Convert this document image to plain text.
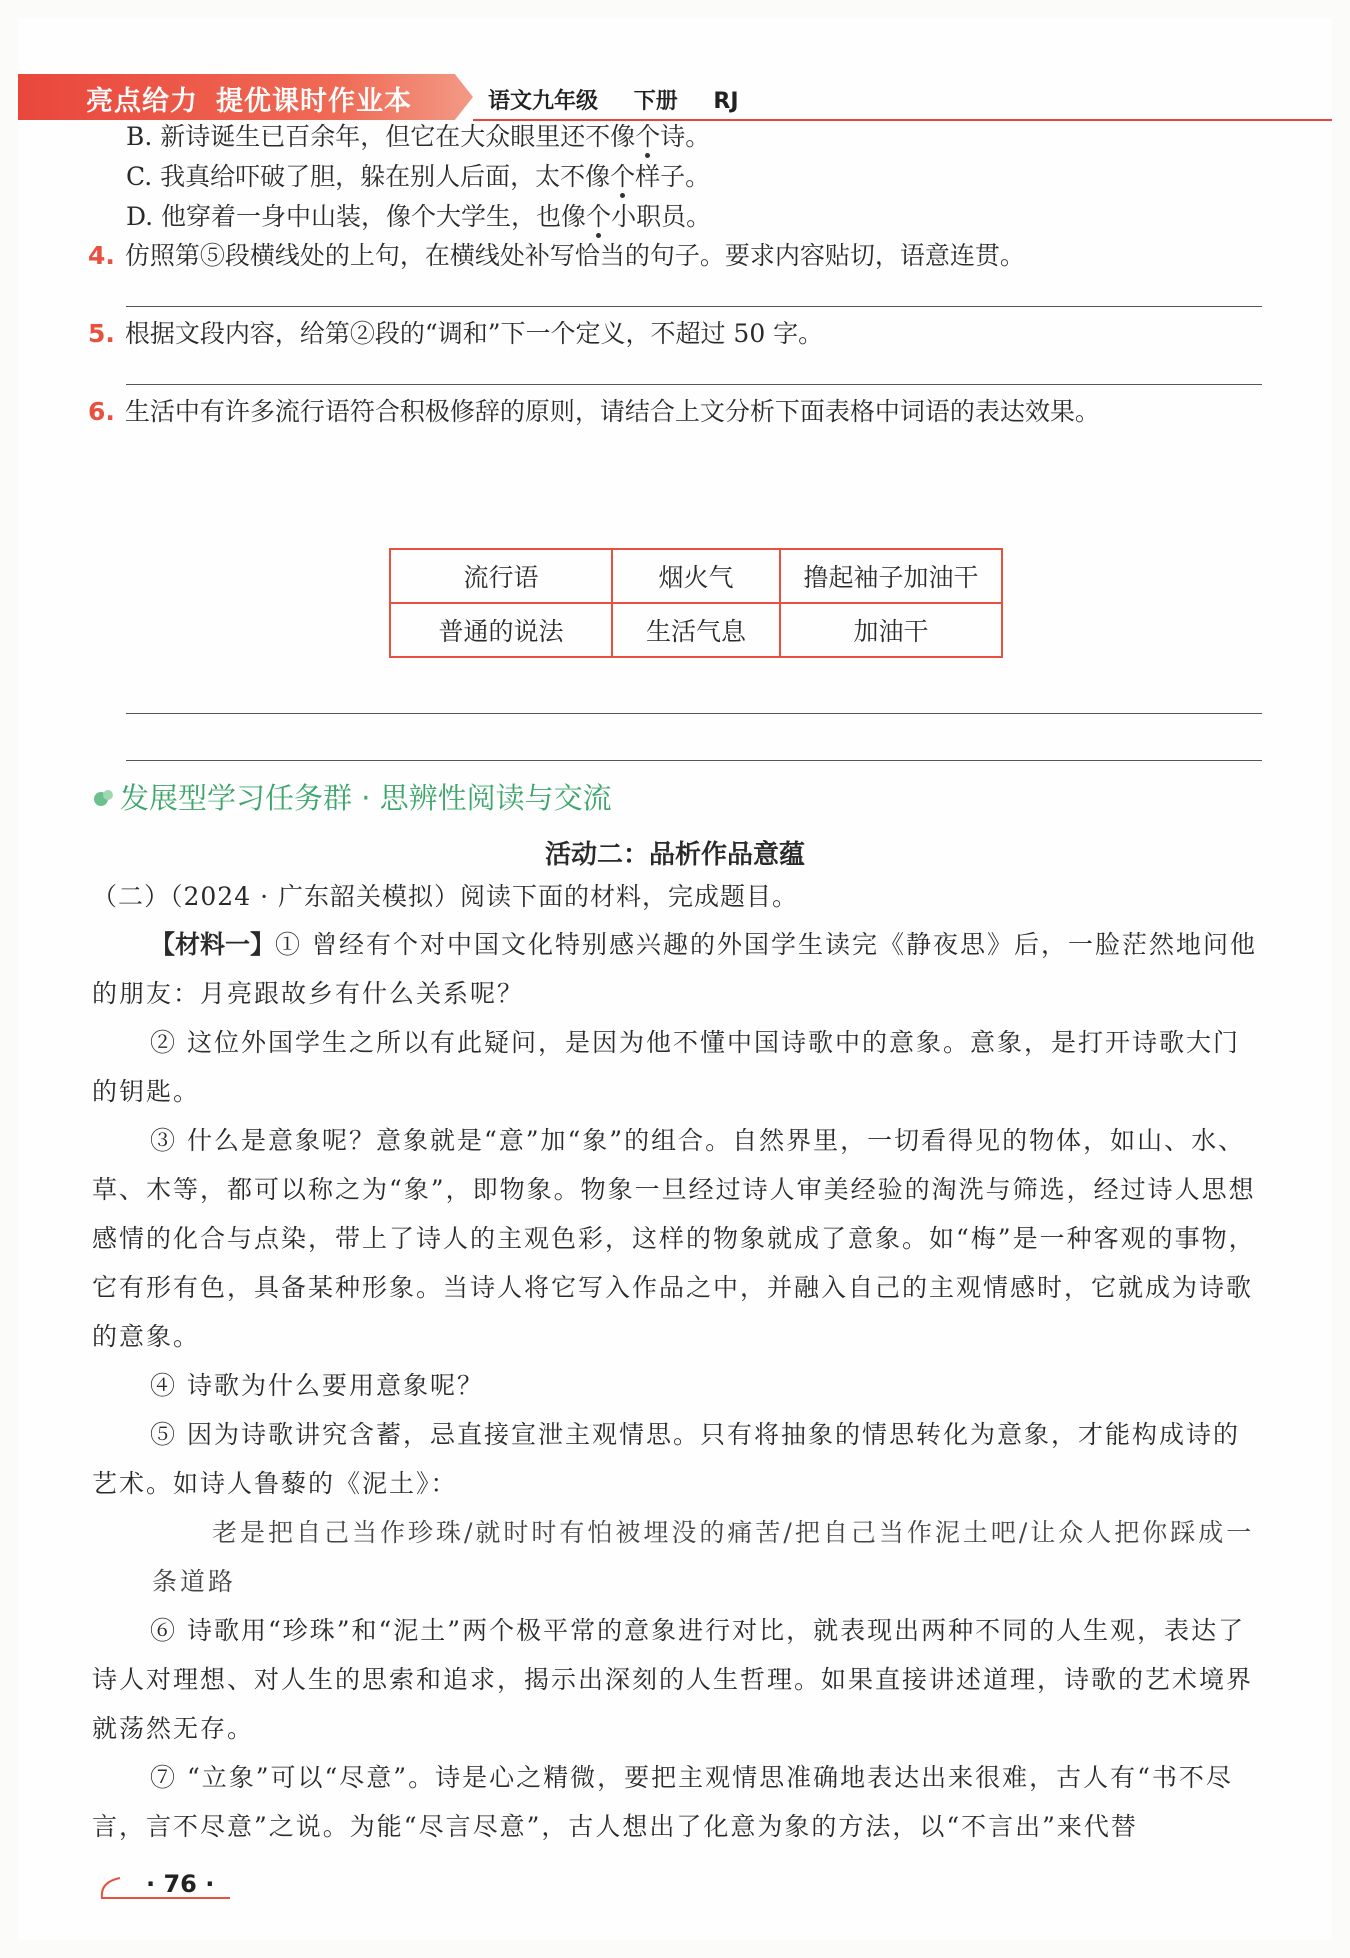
亮点给力 提优课时作业本	语文九年级 下册 RJ
B. 新诗诞生已百余年，但它在大众眼里还不像个诗。
C. 我真给吓破了胆，躲在别人后面，太不像个样子。
D. 他穿着一身中山装，像个大学生，也像个小职员。
4. 仿照第⑤段横线处的上句，在横线处补写恰当的句子。要求内容贴切，语意连贯。
5. 根据文段内容，给第②段的“调和”下一个定义，不超过 50 字。
6. 生活中有许多流行语符合积极修辞的原则，请结合上文分析下面表格中词语的表达效果。
流行语	烟火气	撸起袖子加油干
普通的说法	生活气息	加油干
发展型学习任务群 · 思辨性阅读与交流
活动二：品析作品意蕴
（二）（2024 · 广东韶关模拟）阅读下面的材料，完成题目。
【材料一】① 曾经有个对中国文化特别感兴趣的外国学生读完《静夜思》后，一脸茫然地问他的朋友：月亮跟故乡有什么关系呢？
② 这位外国学生之所以有此疑问，是因为他不懂中国诗歌中的意象。意象，是打开诗歌大门的钥匙。
③ 什么是意象呢？意象就是“意”加“象”的组合。自然界里，一切看得见的物体，如山、水、草、木等，都可以称之为“象”，即物象。物象一旦经过诗人审美经验的淘洗与筛选，经过诗人思想感情的化合与点染，带上了诗人的主观色彩，这样的物象就成了意象。如“梅”是一种客观的事物，它有形有色，具备某种形象。当诗人将它写入作品之中，并融入自己的主观情感时，它就成为诗歌的意象。
④ 诗歌为什么要用意象呢？
⑤ 因为诗歌讲究含蓄，忌直接宣泄主观情思。只有将抽象的情思转化为意象，才能构成诗的艺术。如诗人鲁藜的《泥土》：
老是把自己当作珍珠/就时时有怕被埋没的痛苦/把自己当作泥土吧/让众人把你踩成一条道路
⑥ 诗歌用“珍珠”和“泥土”两个极平常的意象进行对比，就表现出两种不同的人生观，表达了诗人对理想、对人生的思索和追求，揭示出深刻的人生哲理。如果直接讲述道理，诗歌的艺术境界就荡然无存。
⑦ “立象”可以“尽意”。诗是心之精微，要把主观情思准确地表达出来很难，古人有“书不尽言，言不尽意”之说。为能“尽言尽意”，古人想出了化意为象的方法，以“不言出”来代替
· 76 ·
